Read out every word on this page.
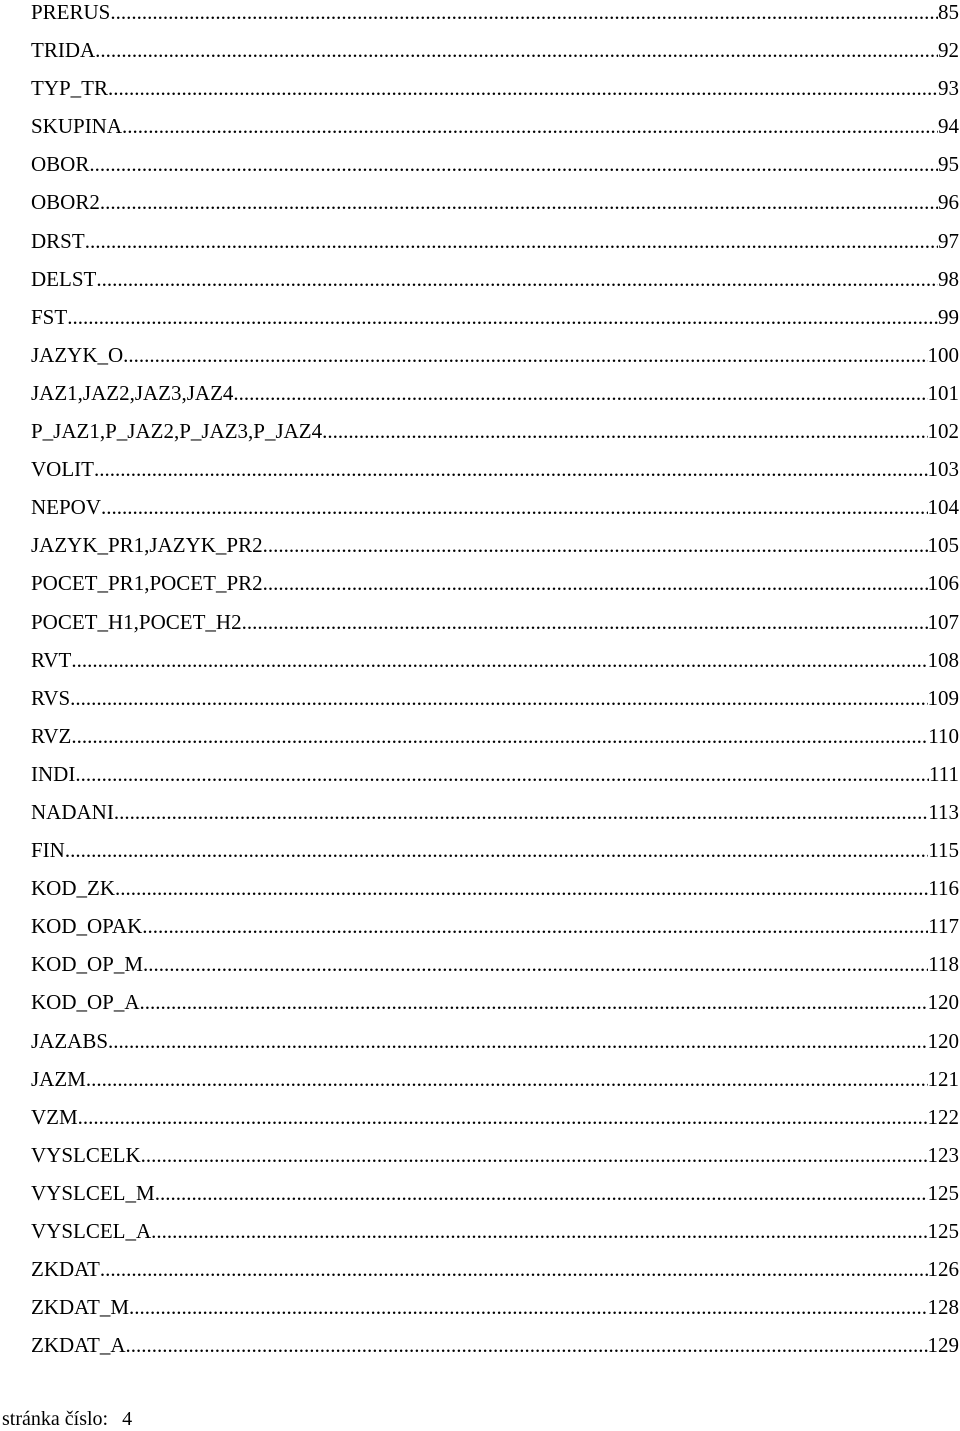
PRERUS .....	85
TRIDA .....	92
TYP_TR .....	93
SKUPINA .....	94
OBOR .....	95
OBOR2 .....	96
DRST .....	97
DELST .....	98
FST .....	99
JAZYK_O .....	100
JAZ1,JAZ2,JAZ3,JAZ4 .....	101
P_JAZ1,P_JAZ2,P_JAZ3,P_JAZ4 .....	102
VOLIT .....	103
NEPOV .....	104
JAZYK_PR1,JAZYK_PR2 .....	105
POCET_PR1,POCET_PR2 .....	106
POCET_H1,POCET_H2 .....	107
RVT .....	108
RVS .....	109
RVZ .....	110
INDI .....	111
NADANI .....	113
FIN .....	115
KOD_ZK .....	116
KOD_OPAK .....	117
KOD_OP_M .....	118
KOD_OP_A .....	120
JAZABS .....	120
JAZM .....	121
VZM .....	122
VYSLCELK .....	123
VYSLCEL_M .....	125
VYSLCEL_A .....	125
ZKDAT .....	126
ZKDAT_M .....	128
ZKDAT_A .....	129
stránka číslo: 4
